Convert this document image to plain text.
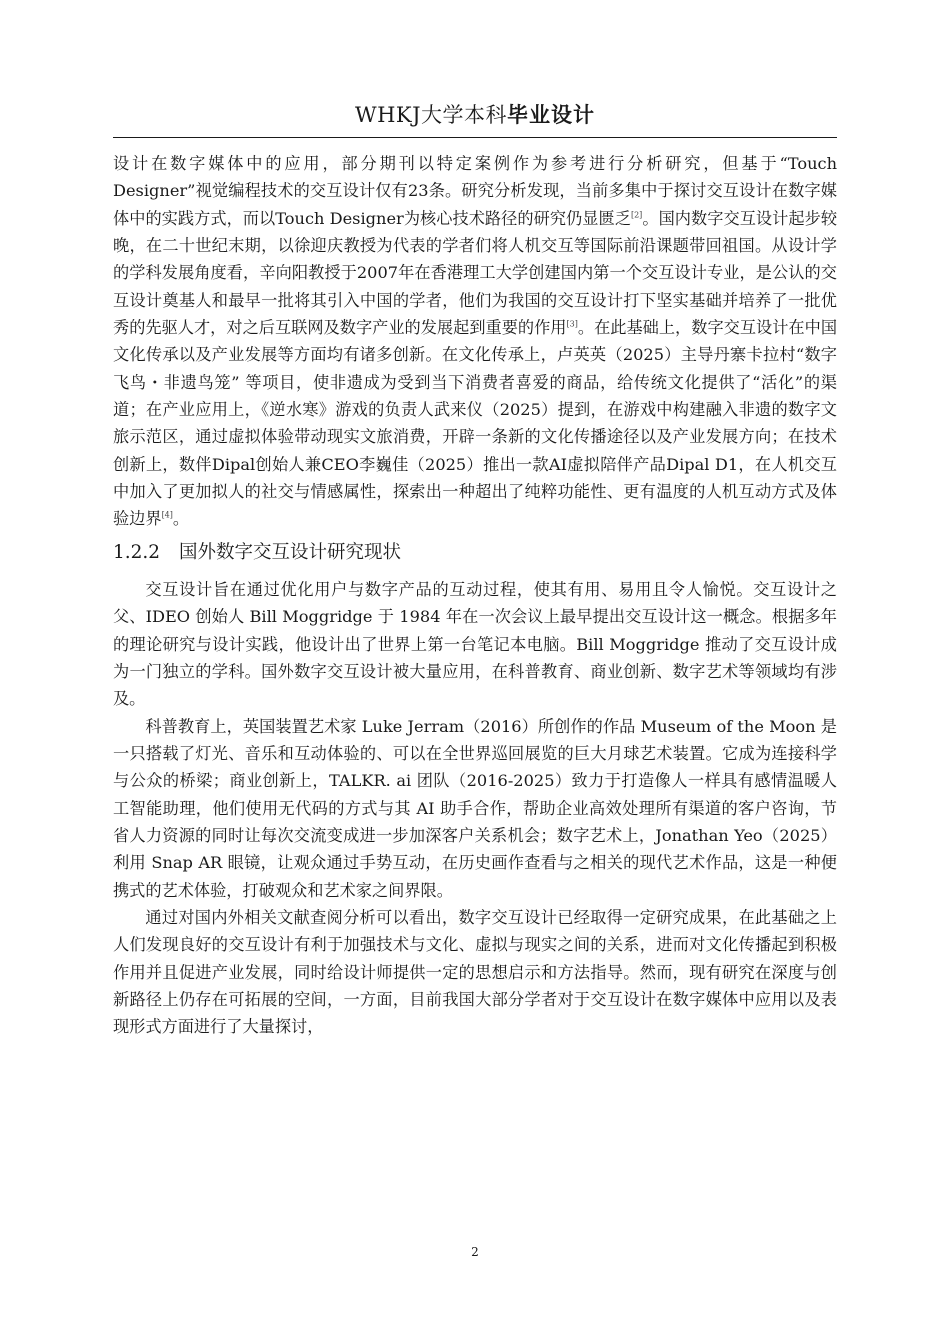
WHKJ大学本科毕业设计

设计在数字媒体中的应用，部分期刊以特定案例作为参考进行分析研究，但基于“Touch Designer”视觉编程技术的交互设计仅有23条。研究分析发现，当前多集中于探讨交互设计在数字媒体中的实践方式，而以Touch Designer为核心技术路径的研究仍显匮乏[2]。国内数字交互设计起步较晚，在二十世纪末期，以徐迎庆教授为代表的学者们将人机交互等国际前沿课题带回祖国。从设计学的学科发展角度看，辛向阳教授于2007年在香港理工大学创建国内第一个交互设计专业，是公认的交互设计奠基人和最早一批将其引入中国的学者，他们为我国的交互设计打下坚实基础并培养了一批优秀的先驱人才，对之后互联网及数字产业的发展起到重要的作用[3]。在此基础上，数字交互设计在中国文化传承以及产业发展等方面均有诸多创新。在文化传承上，卢英英（2025）主导丹寨卡拉村“数字飞鸟・非遗鸟笼” 等项目，使非遗成为受到当下消费者喜爱的商品，给传统文化提供了“活化”的渠道；在产业应用上，《逆水寒》游戏的负责人武来仪（2025）提到，在游戏中构建融入非遗的数字文旅示范区，通过虚拟体验带动现实文旅消费，开辟一条新的文化传播途径以及产业发展方向；在技术创新上，数伴Dipal创始人兼CEO李巍佳（2025）推出一款AI虚拟陪伴产品Dipal D1，在人机交互中加入了更加拟人的社交与情感属性，探索出一种超出了纯粹功能性、更有温度的人机互动方式及体验边界[4]。

1.2.2 国外数字交互设计研究现状

交互设计旨在通过优化用户与数字产品的互动过程，使其有用、易用且令人愉悦。交互设计之父、IDEO 创始人 Bill Moggridge 于 1984 年在一次会议上最早提出交互设计这一概念。根据多年的理论研究与设计实践，他设计出了世界上第一台笔记本电脑。Bill Moggridge 推动了交互设计成为一门独立的学科。国外数字交互设计被大量应用，在科普教育、商业创新、数字艺术等领域均有涉及。

科普教育上，英国装置艺术家 Luke Jerram（2016）所创作的作品 Museum of the Moon 是一只搭载了灯光、音乐和互动体验的、可以在全世界巡回展览的巨大月球艺术装置。它成为连接科学与公众的桥梁；商业创新上，TALKR. ai 团队（2016-2025）致力于打造像人一样具有感情温暖人工智能助理，他们使用无代码的方式与其 AI 助手合作，帮助企业高效处理所有渠道的客户咨询，节省人力资源的同时让每次交流变成进一步加深客户关系机会；数字艺术上，Jonathan Yeo（2025）利用 Snap AR 眼镜，让观众通过手势互动，在历史画作查看与之相关的现代艺术作品，这是一种便携式的艺术体验，打破观众和艺术家之间界限。

通过对国内外相关文献查阅分析可以看出，数字交互设计已经取得一定研究成果，在此基础之上人们发现良好的交互设计有利于加强技术与文化、虚拟与现实之间的关系，进而对文化传播起到积极作用并且促进产业发展，同时给设计师提供一定的思想启示和方法指导。然而，现有研究在深度与创新路径上仍存在可拓展的空间，一方面，目前我国大部分学者对于交互设计在数字媒体中应用以及表现形式方面进行了大量探讨，

2
